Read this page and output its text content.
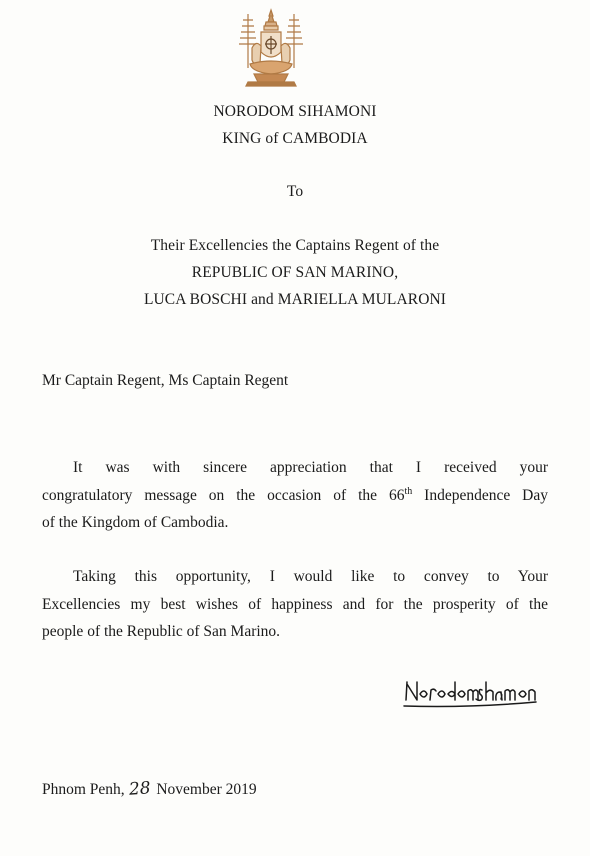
NORODOM SIHAMONI
KING of CAMBODIA
To
Their Excellencies the Captains Regent of the
REPUBLIC OF SAN MARINO,
LUCA BOSCHI and MARIELLA MULARONI
Mr Captain Regent, Ms Captain Regent
It was with sincere appreciation that I received your
congratulatory message on the occasion of the 66th Independence Day
of the Kingdom of Cambodia.
Taking this opportunity, I would like to convey to Your
Excellencies my best wishes of happiness and for the prosperity of the
people of the Republic of San Marino.
Phnom Penh, 28 November 2019
